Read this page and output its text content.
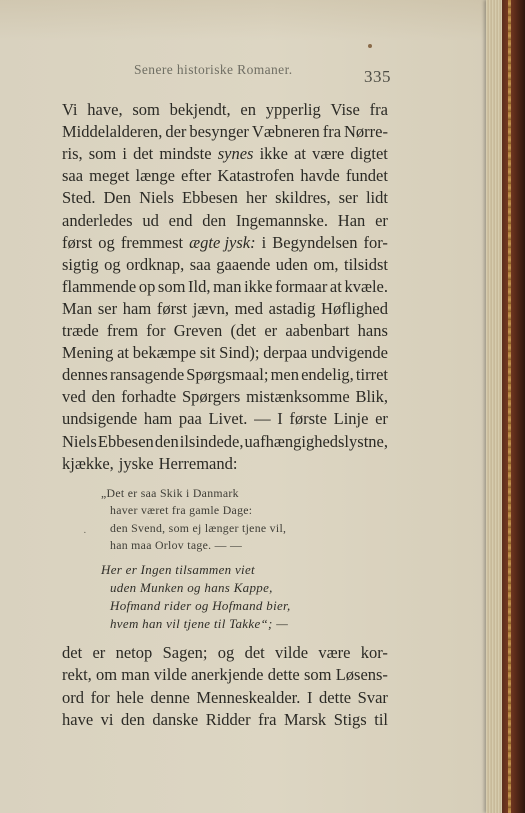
Senere historiske Romaner.	335
Vi have, som bekjendt, en ypperlig Vise fra
Middelalderen, der besynger Væbneren fra Nørre-
ris, som i det mindste synes ikke at være digtet
saa meget længe efter Katastrofen havde fundet
Sted. Den Niels Ebbesen her skildres, ser lidt
anderledes ud end den Ingemannske. Han er
først og fremmest ægte jysk: i Begyndelsen for-
sigtig og ordknap, saa gaaende uden om, tilsidst
flammende op som Ild, man ikke formaar at kvæle.
Man ser ham først jævn, med astadig Høflighed
træde frem for Greven (det er aabenbart hans
Mening at bekæmpe sit Sind); derpaa undvigende
dennes ransagende Spørgsmaal; men endelig, tirret
ved den forhadte Spørgers mistænksomme Blik,
undsigende ham paa Livet. — I første Linje er
Niels Ebbesen den ilsindede, uafhængighedslystne,
kjække, jyske Herremand:
„Det er saa Skik i Danmark
haver været fra gamle Dage:
den Svend, som ej længer tjene vil,
han maa Orlov tage. — —
·
Her er Ingen tilsammen viet
uden Munken og hans Kappe,
Hofmand rider og Hofmand bier,
hvem han vil tjene til Takke“; —
det er netop Sagen; og det vilde være kor-
rekt, om man vilde anerkjende dette som Løsens-
ord for hele denne Menneskealder. I dette Svar
have vi den danske Ridder fra Marsk Stigs til
